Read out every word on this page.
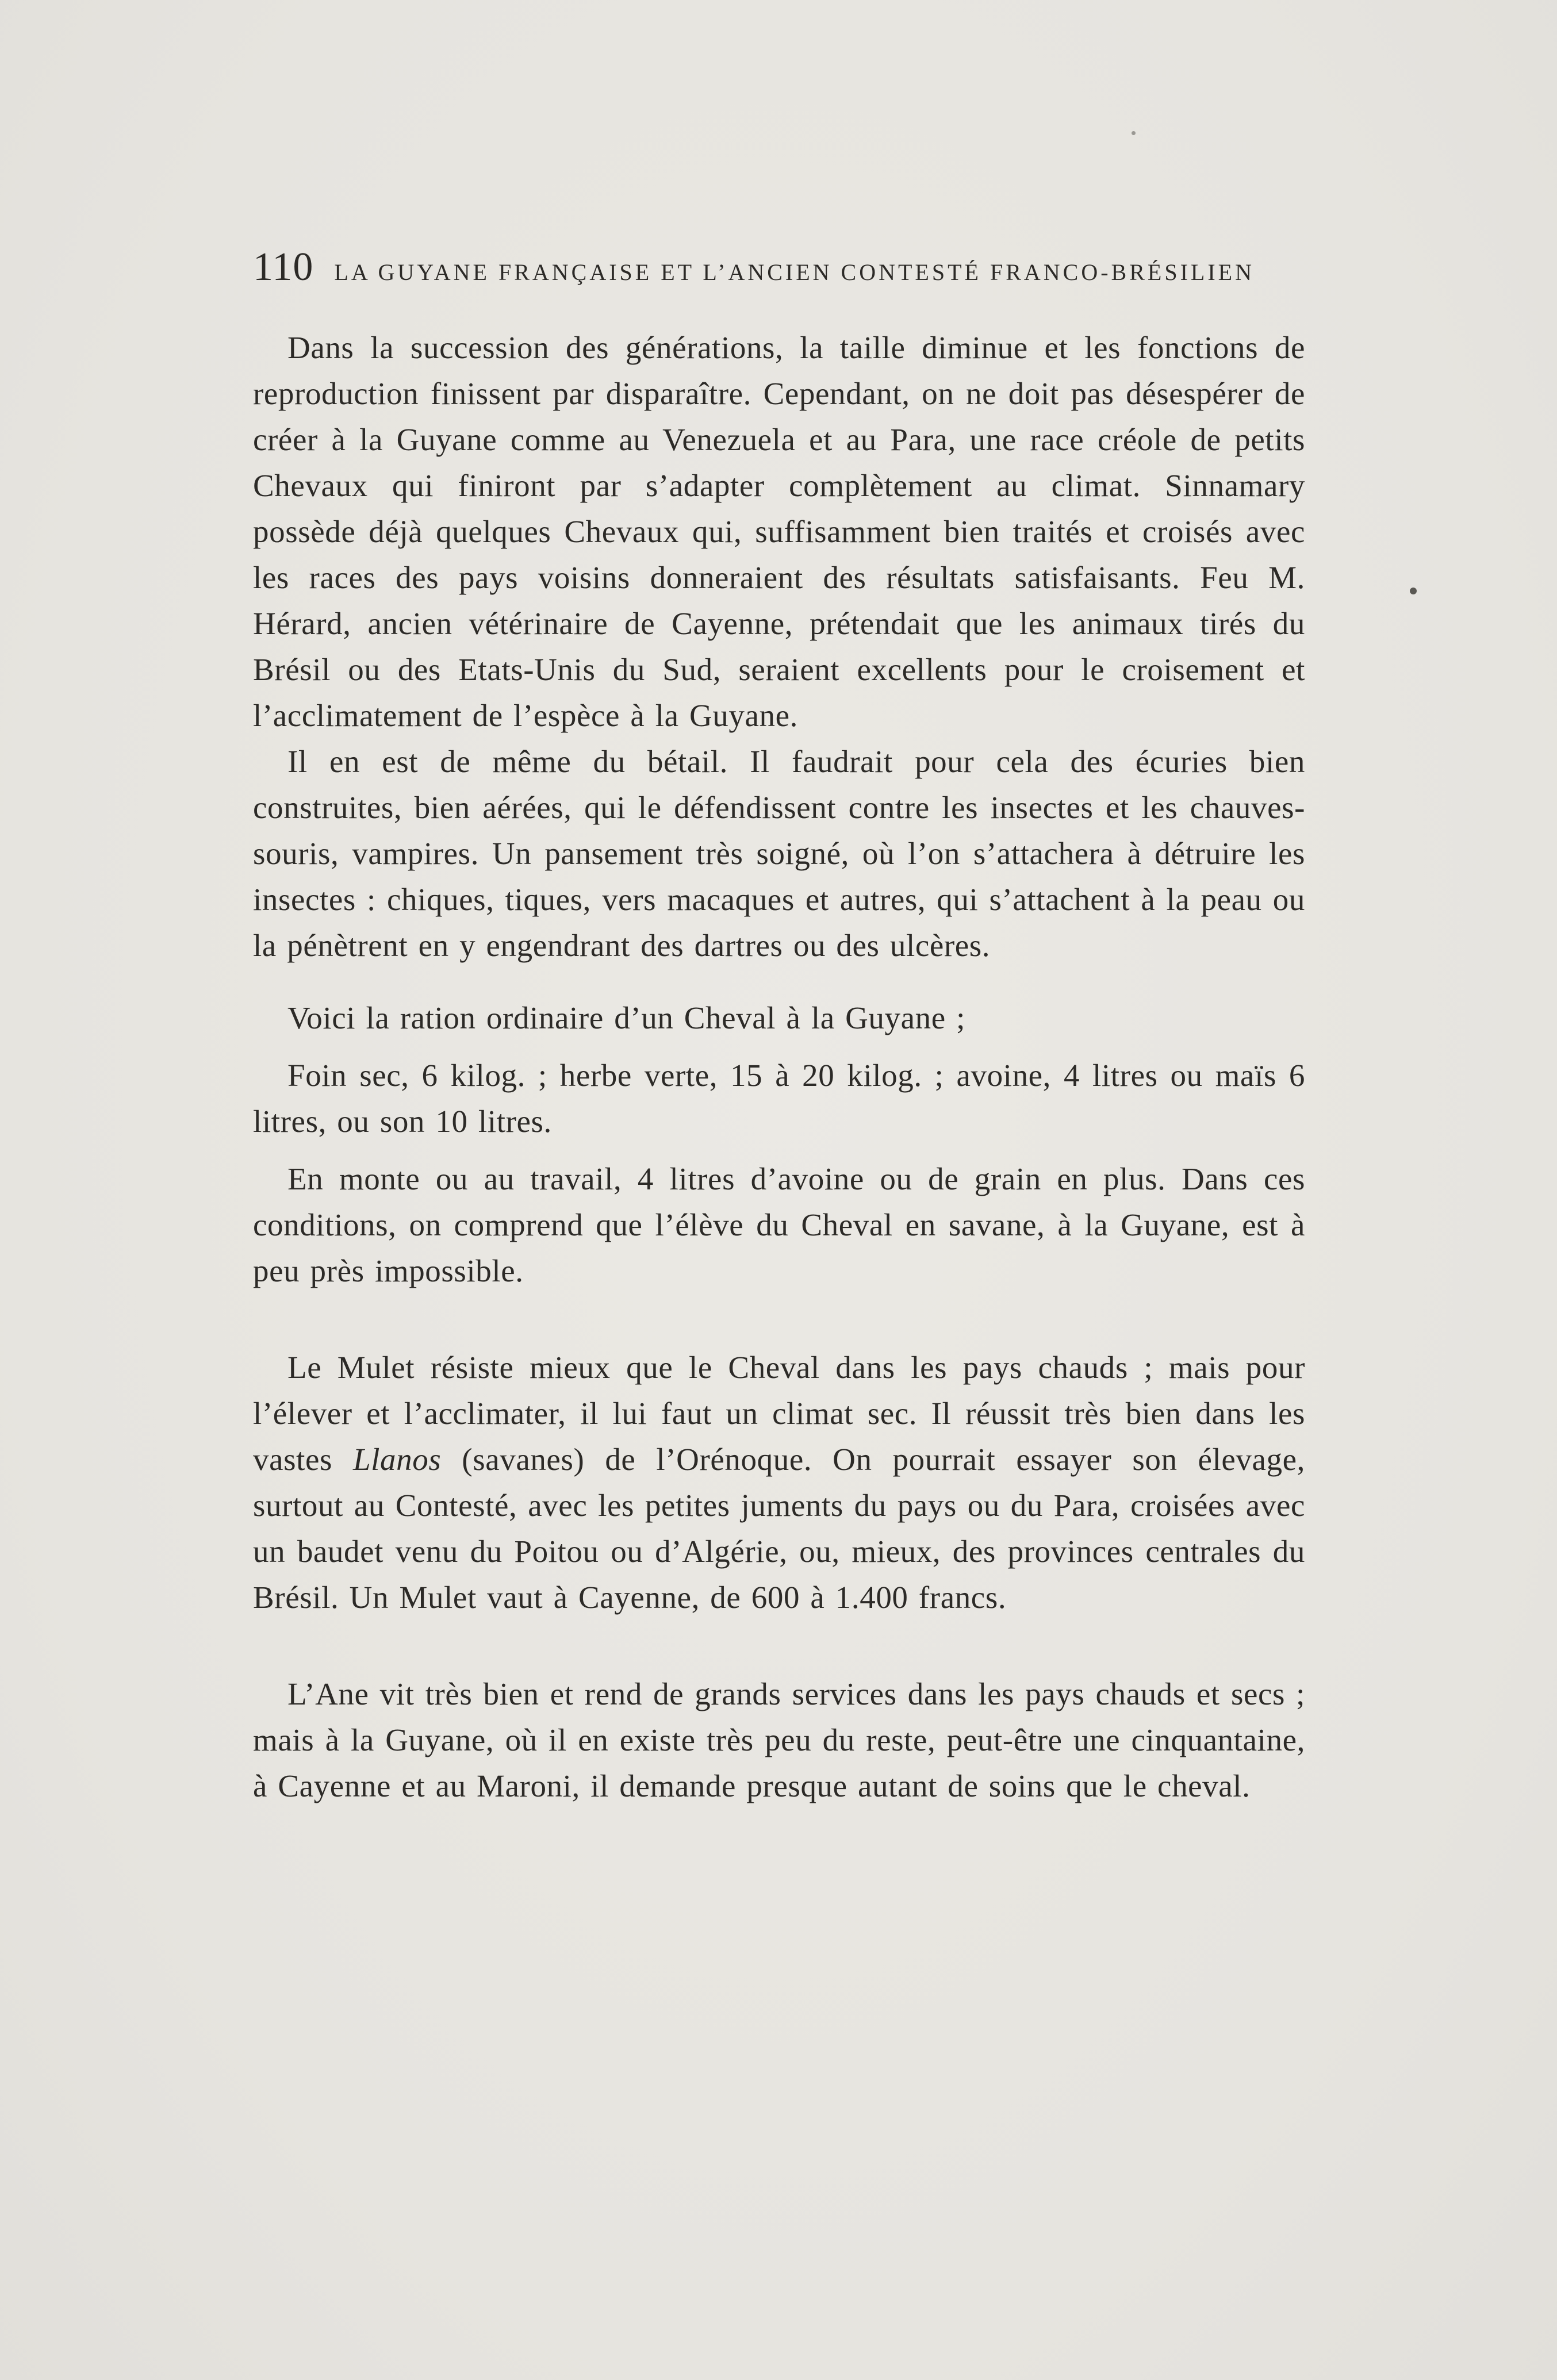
110 LA GUYANE FRANÇAISE ET L’ANCIEN CONTESTÉ FRANCO-BRÉSILIEN

Dans la succession des générations, la taille diminue et les fonctions de reproduction finissent par disparaître. Cependant, on ne doit pas désespérer de créer à la Guyane comme au Venezuela et au Para, une race créole de petits Chevaux qui finiront par s’adapter complètement au climat. Sinnamary possède déjà quelques Chevaux qui, suffisamment bien traités et croisés avec les races des pays voisins donneraient des résultats satisfaisants. Feu M. Hérard, ancien vétérinaire de Cayenne, prétendait que les animaux tirés du Brésil ou des Etats-Unis du Sud, seraient excellents pour le croisement et l’acclimatement de l’espèce à la Guyane.

Il en est de même du bétail. Il faudrait pour cela des écuries bien construites, bien aérées, qui le défendissent contre les insectes et les chauves-souris, vampires. Un pansement très soigné, où l’on s’attachera à détruire les insectes : chiques, tiques, vers macaques et autres, qui s’attachent à la peau ou la pénètrent en y engendrant des dartres ou des ulcères.

Voici la ration ordinaire d’un Cheval à la Guyane ;

Foin sec, 6 kilog. ; herbe verte, 15 à 20 kilog. ; avoine, 4 litres ou maïs 6 litres, ou son 10 litres.

En monte ou au travail, 4 litres d’avoine ou de grain en plus. Dans ces conditions, on comprend que l’élève du Cheval en savane, à la Guyane, est à peu près impossible.

Le Mulet résiste mieux que le Cheval dans les pays chauds ; mais pour l’élever et l’acclimater, il lui faut un climat sec. Il réussit très bien dans les vastes Llanos (savanes) de l’Orénoque. On pourrait essayer son élevage, surtout au Contesté, avec les petites juments du pays ou du Para, croisées avec un baudet venu du Poitou ou d’Algérie, ou, mieux, des provinces centrales du Brésil. Un Mulet vaut à Cayenne, de 600 à 1.400 francs.

L’Ane vit très bien et rend de grands services dans les pays chauds et secs ; mais à la Guyane, où il en existe très peu du reste, peut-être une cinquantaine, à Cayenne et au Maroni, il demande presque autant de soins que le cheval.
